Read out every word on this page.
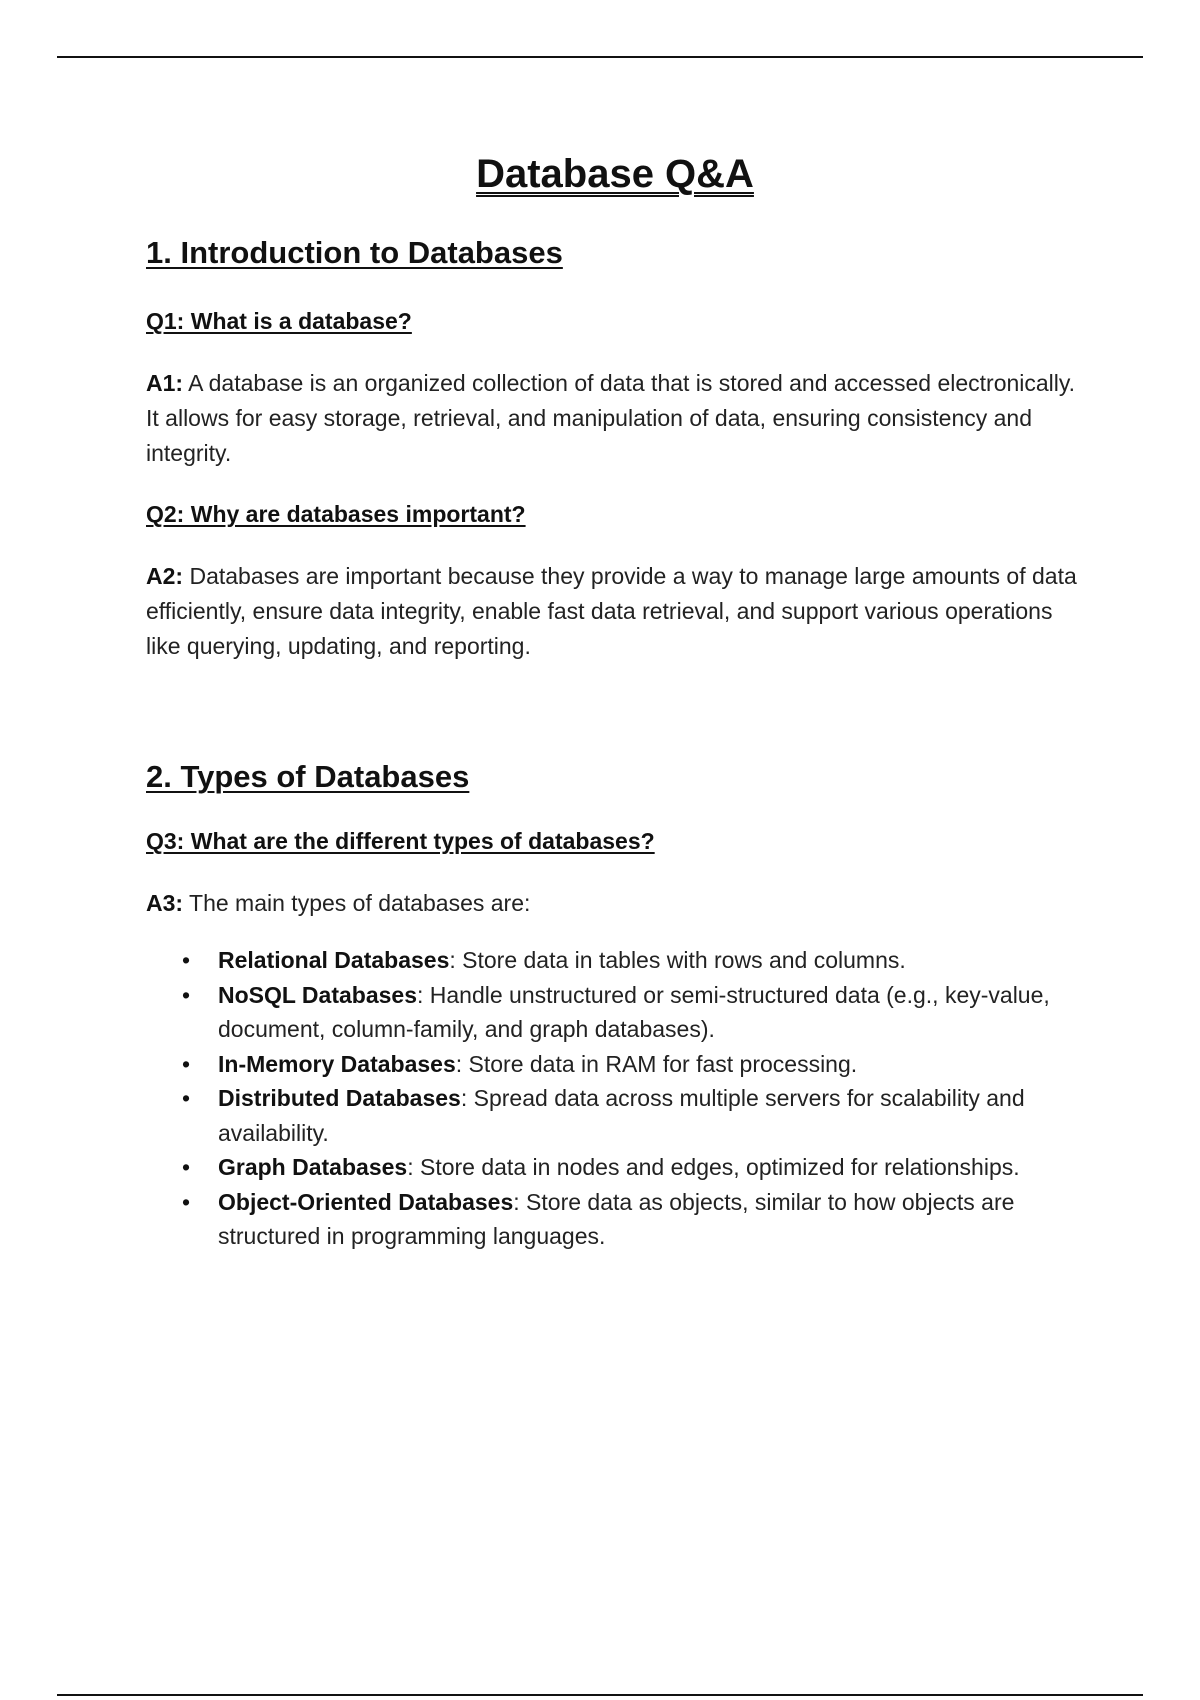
Database Q&A
1. Introduction to Databases

Q1: What is a database?

A1: A database is an organized collection of data that is stored and accessed electronically. It allows for easy storage, retrieval, and manipulation of data, ensuring consistency and integrity.

Q2: Why are databases important?

A2: Databases are important because they provide a way to manage large amounts of data efficiently, ensure data integrity, enable fast data retrieval, and support various operations like querying, updating, and reporting.

2. Types of Databases

Q3: What are the different types of databases?

A3: The main types of databases are:

• Relational Databases: Store data in tables with rows and columns.
• NoSQL Databases: Handle unstructured or semi-structured data (e.g., key-value, document, column-family, and graph databases).
• In-Memory Databases: Store data in RAM for fast processing.
• Distributed Databases: Spread data across multiple servers for scalability and availability.
• Graph Databases: Store data in nodes and edges, optimized for relationships.
• Object-Oriented Databases: Store data as objects, similar to how objects are structured in programming languages.
